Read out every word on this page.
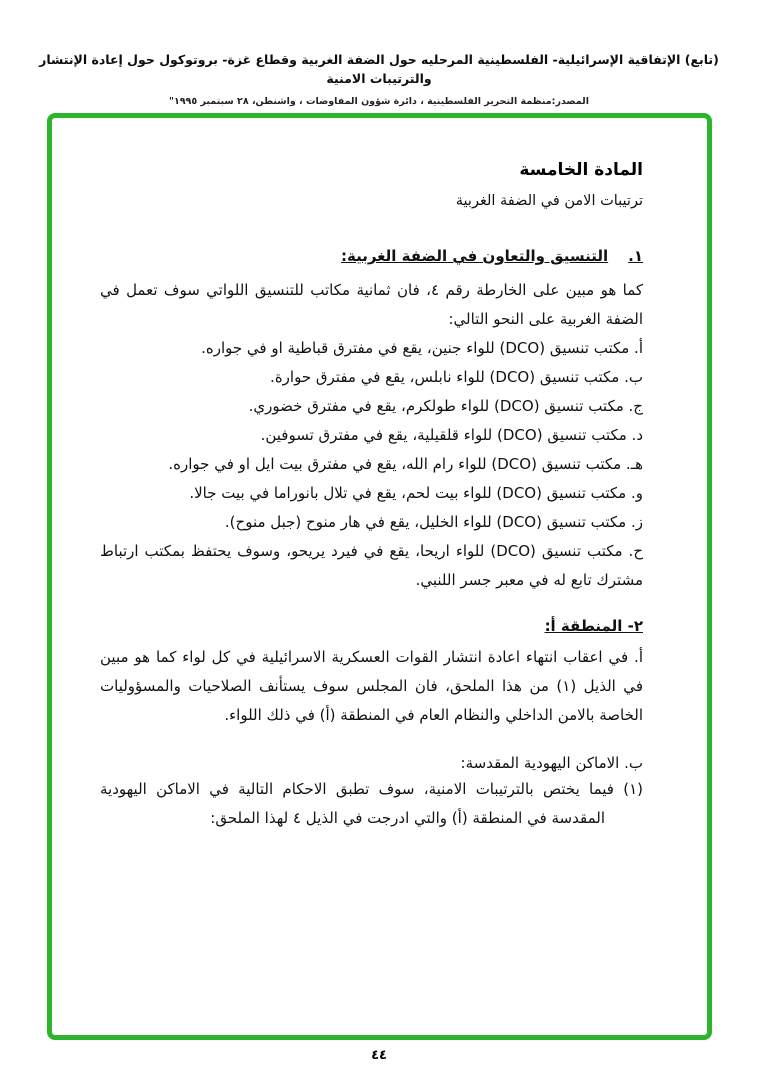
(تابع) الإتفاقية الإسرائيلية- الفلسطينية المرحليه حول الضفة الغربية وقطاع غزة- بروتوكول حول إعادة الإنتشار والترتيبات الامنية
المصدر:منظمة التحرير الفلسطينية ، دائرة شؤون المفاوضات ، واشنطن، ٢٨ سبتمبر ١٩٩٥"
المادة الخامسة
ترتيبات الامن في الضفة الغربية
١.التنسيق والتعاون في الضفة الغربية:

كما هو مبين على الخارطة رقم ٤، فان ثمانية مكاتب للتنسيق اللواتي سوف تعمل في الضفة الغربية على النحو التالي:

أ. مكتب تنسيق (DCO) للواء جنين، يقع في مفترق قباطية او في جواره.

ب. مكتب تنسيق (DCO) للواء نابلس، يقع في مفترق حوارة.

ج. مكتب تنسيق (DCO) للواء طولكرم، يقع في مفترق خضوري.

د. مكتب تنسيق (DCO) للواء قلقيلية، يقع في مفترق تسوفين.

هـ. مكتب تنسيق (DCO) للواء رام الله، يقع في مفترق بيت ايل او في جواره.

و. مكتب تنسيق (DCO) للواء بيت لحم، يقع في تلال بانوراما في بيت جالا.

ز. مكتب تنسيق (DCO) للواء الخليل، يقع في هار منوح (جبل منوح).

ح. مكتب تنسيق (DCO) للواء اريحا، يقع في فيرد يريحو، وسوف يحتفظ بمكتب ارتباط مشترك تابع له في معبر جسر اللنبي.

٢- المنطقة أ:

أ. في اعقاب انتهاء اعادة انتشار القوات العسكرية الاسرائيلية في كل لواء كما هو مبين في الذيل (١) من هذا الملحق، فان المجلس سوف يستأنف الصلاحيات والمسؤوليات الخاصة بالامن الداخلي والنظام العام في المنطقة (أ) في ذلك اللواء.

ب. الاماكن اليهودية المقدسة:

(١) فيما يختص بالترتيبات الامنية، سوف تطبق الاحكام التالية في الاماكن اليهودية المقدسة في المنطقة (أ) والتي ادرجت في الذيل ٤ لهذا الملحق:

٤٤
